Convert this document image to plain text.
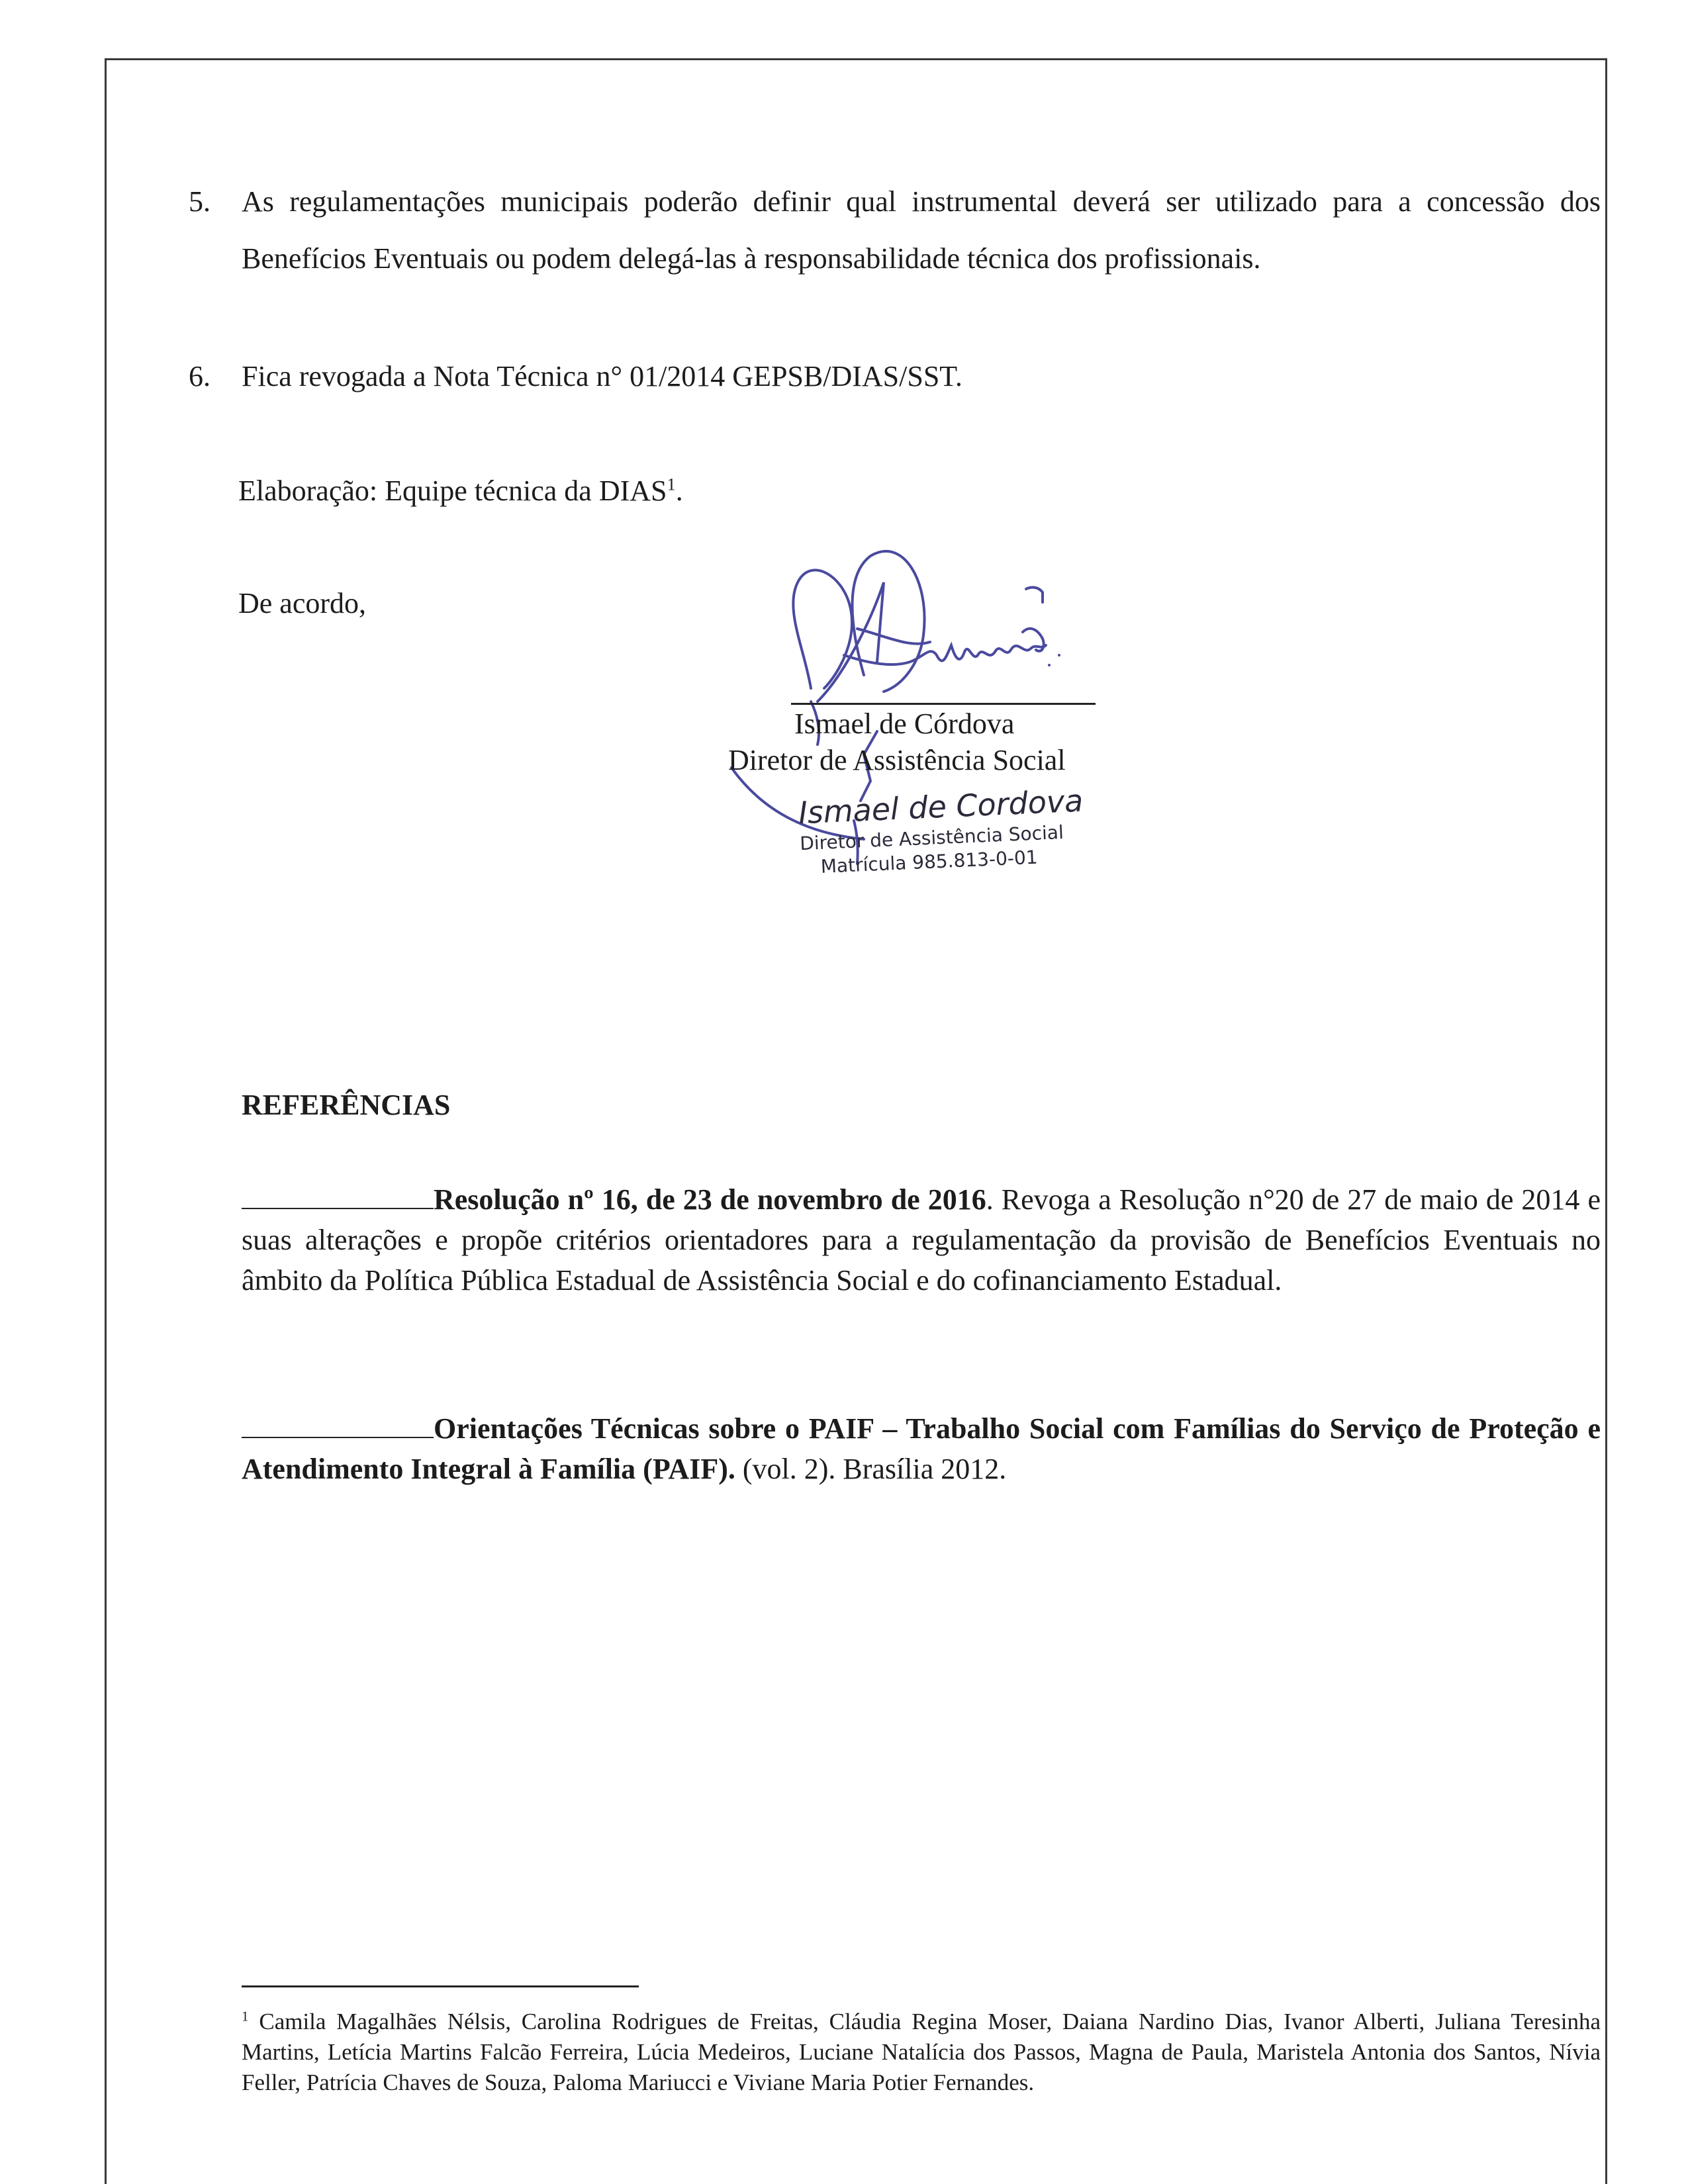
5. As regulamentações municipais poderão definir qual instrumental deverá ser utilizado para a concessão dos Benefícios Eventuais ou podem delegá-las à responsabilidade técnica dos profissionais.
6. Fica revogada a Nota Técnica n° 01/2014 GEPSB/DIAS/SST.
Elaboração: Equipe técnica da DIAS$^1$.
De acordo,
Ismael de Córdova
Diretor de Assistência Social
Ismael de Cordova
Diretor de Assistência Social
Matrícula 985.813-0-01
REFERÊNCIAS
Resolução nº 16, de 23 de novembro de 2016. Revoga a Resolução n°20 de 27 de maio de 2014 e suas alterações e propõe critérios orientadores para a regulamentação da provisão de Benefícios Eventuais no âmbito da Política Pública Estadual de Assistência Social e do cofinanciamento Estadual.
Orientações Técnicas sobre o PAIF – Trabalho Social com Famílias do Serviço de Proteção e Atendimento Integral à Família (PAIF). (vol. 2). Brasília 2012.
$^1$ Camila Magalhães Nélsis, Carolina Rodrigues de Freitas, Cláudia Regina Moser, Daiana Nardino Dias, Ivanor Alberti, Juliana Teresinha Martins, Letícia Martins Falcão Ferreira, Lúcia Medeiros, Luciane Natalícia dos Passos, Magna de Paula, Maristela Antonia dos Santos, Nívia Feller, Patrícia Chaves de Souza, Paloma Mariucci e Viviane Maria Potier Fernandes.
